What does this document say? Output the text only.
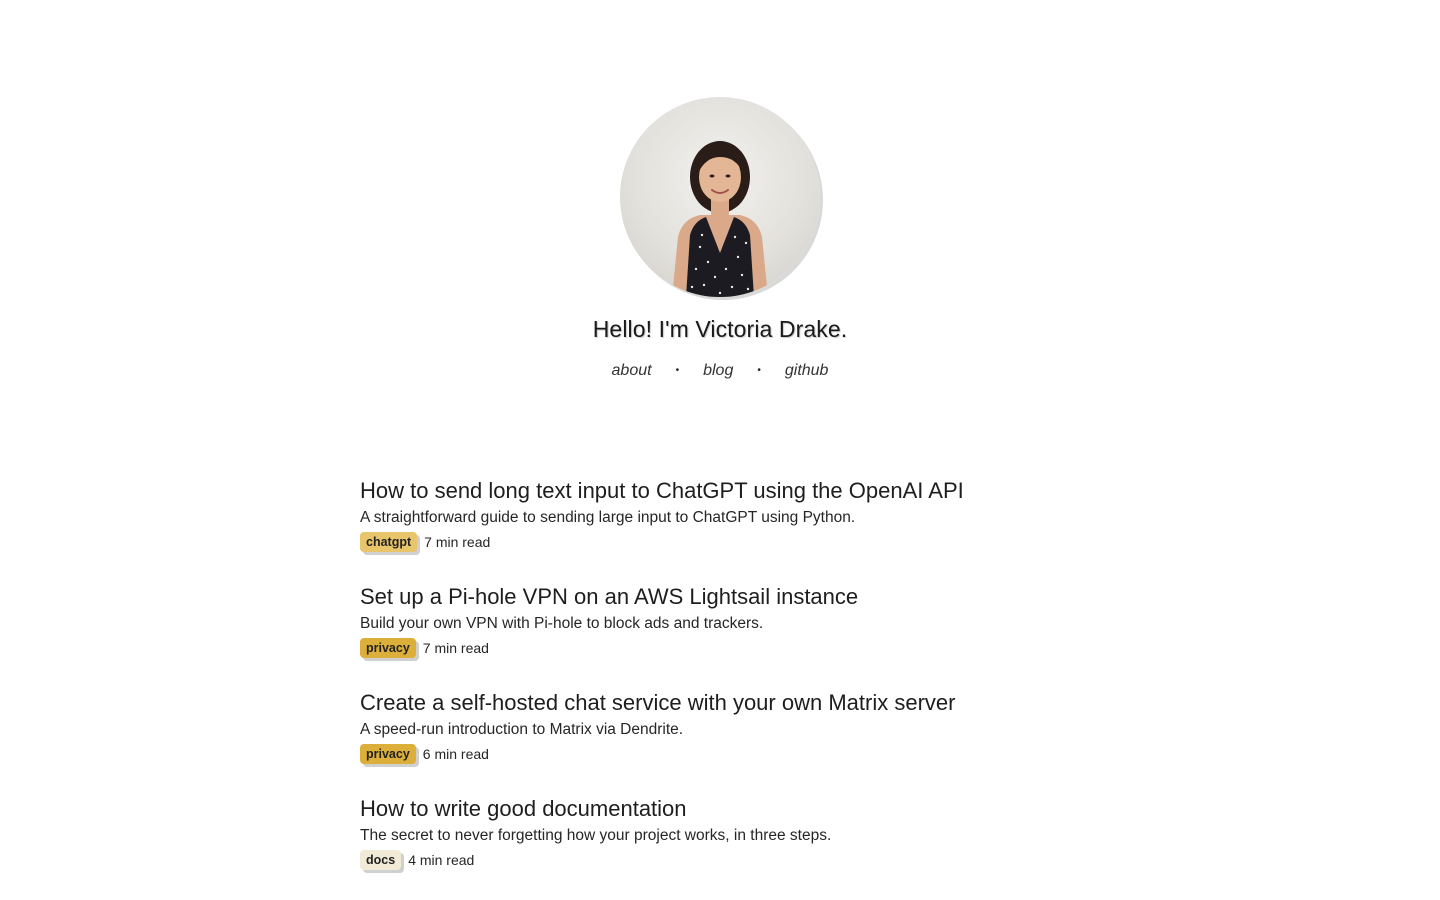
Hello! I'm Victoria Drake.
about • blog • github
How to send long text input to ChatGPT using the OpenAI API

A straightforward guide to sending large input to ChatGPT using Python.

chatgpt 7 min read
Set up a Pi-hole VPN on an AWS Lightsail instance

Build your own VPN with Pi-hole to block ads and trackers.

privacy 7 min read
Create a self-hosted chat service with your own Matrix server

A speed-run introduction to Matrix via Dendrite.

privacy 6 min read
How to write good documentation

The secret to never forgetting how your project works, in three steps.

docs 4 min read
